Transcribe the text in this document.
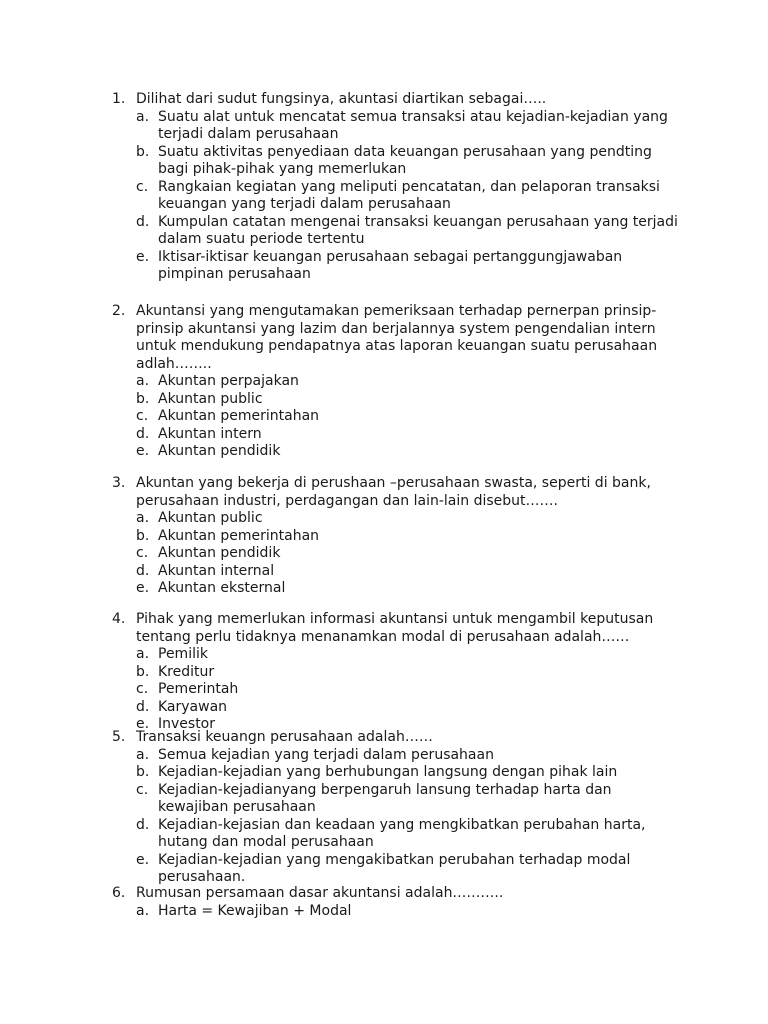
1. Dilihat dari sudut fungsinya, akuntasi diartikan sebagai…..
a. Suatu alat untuk mencatat semua transaksi atau kejadian-kejadian yang terjadi dalam perusahaan
b. Suatu aktivitas penyediaan data keuangan perusahaan yang pendting bagi pihak-pihak yang memerlukan
c. Rangkaian kegiatan yang meliputi pencatatan, dan pelaporan transaksi keuangan yang terjadi dalam perusahaan
d. Kumpulan catatan mengenai transaksi keuangan perusahaan yang terjadi dalam suatu periode tertentu
e. Iktisar-iktisar keuangan perusahaan sebagai pertanggungjawaban pimpinan perusahaan
2. Akuntansi yang mengutamakan pemeriksaan terhadap pernerpan prinsip-prinsip akuntansi yang lazim dan berjalannya system pengendalian intern untuk mendukung pendapatnya atas laporan keuangan suatu perusahaan adlah……..
a. Akuntan perpajakan
b. Akuntan public
c. Akuntan pemerintahan
d. Akuntan intern
e. Akuntan pendidik
3. Akuntan yang bekerja di perushaan –perusahaan swasta, seperti di bank, perusahaan industri, perdagangan dan lain-lain disebut…….
a. Akuntan public
b. Akuntan pemerintahan
c. Akuntan pendidik
d. Akuntan internal
e. Akuntan eksternal
4. Pihak yang memerlukan informasi akuntansi untuk mengambil keputusan tentang perlu tidaknya menanamkan modal di perusahaan adalah……
a. Pemilik
b. Kreditur
c. Pemerintah
d. Karyawan
e. Investor
5. Transaksi keuangn perusahaan adalah……
a. Semua kejadian yang terjadi dalam perusahaan
b. Kejadian-kejadian yang berhubungan langsung dengan pihak lain
c. Kejadian-kejadianyang berpengaruh lansung terhadap harta dan kewajiban perusahaan
d. Kejadian-kejasian dan keadaan yang mengkibatkan perubahan harta, hutang dan modal perusahaan
e. Kejadian-kejadian yang mengakibatkan perubahan terhadap modal perusahaan.
6. Rumusan persamaan dasar akuntansi adalah………..
a. Harta = Kewajiban + Modal
